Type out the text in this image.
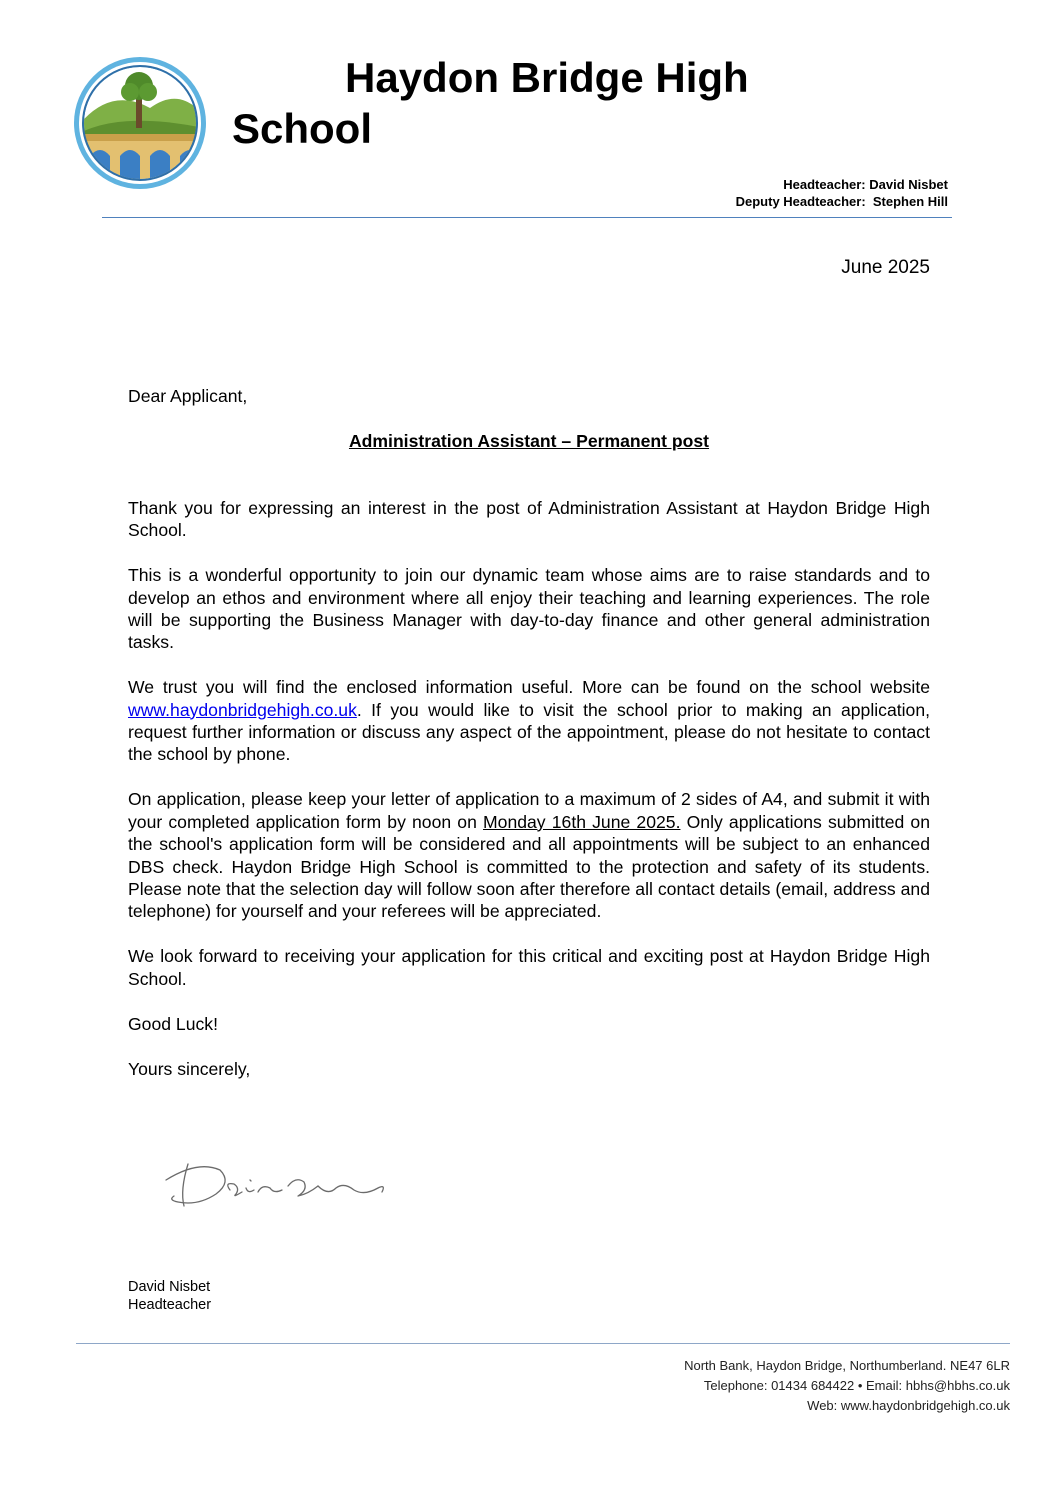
Haydon Bridge High
School
Headteacher: David Nisbet
Deputy Headteacher:  Stephen Hill
June 2025

Dear Applicant,

Administration Assistant – Permanent post

Thank you for expressing an interest in the post of Administration Assistant at Haydon Bridge High School.

This is a wonderful opportunity to join our dynamic team whose aims are to raise standards and to develop an ethos and environment where all enjoy their teaching and learning experiences. The role will be supporting the Business Manager with day-to-day finance and other general administration tasks.

We trust you will find the enclosed information useful. More can be found on the school website www.haydonbridgehigh.co.uk. If you would like to visit the school prior to making an application, request further information or discuss any aspect of the appointment, please do not hesitate to contact the school by phone.

On application, please keep your letter of application to a maximum of 2 sides of A4, and submit it with your completed application form by noon on Monday 16th June 2025. Only applications submitted on the school's application form will be considered and all appointments will be subject to an enhanced DBS check. Haydon Bridge High School is committed to the protection and safety of its students. Please note that the selection day will follow soon after therefore all contact details (email, address and telephone) for yourself and your referees will be appreciated.

We look forward to receiving your application for this critical and exciting post at Haydon Bridge High School.

Good Luck!

Yours sincerely,

David Nisbet
Headteacher
North Bank, Haydon Bridge, Northumberland. NE47 6LR
Telephone: 01434 684422 • Email: hbhs@hbhs.co.uk
Web: www.haydonbridgehigh.co.uk
